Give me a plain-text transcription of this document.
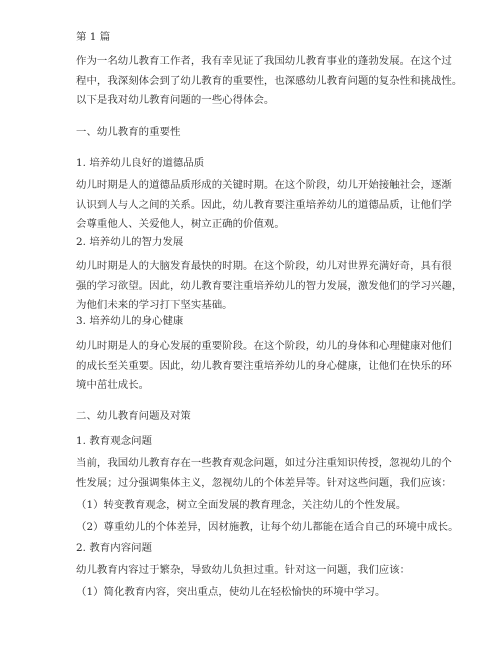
第 1 篇
作为一名幼儿教育工作者，我有幸见证了我国幼儿教育事业的蓬勃发展。在这个过
程中，我深刻体会到了幼儿教育的重要性，也深感幼儿教育问题的复杂性和挑战性。
以下是我对幼儿教育问题的一些心得体会。
一、幼儿教育的重要性
1. 培养幼儿良好的道德品质
幼儿时期是人的道德品质形成的关键时期。在这个阶段，幼儿开始接触社会，逐渐
认识到人与人之间的关系。因此，幼儿教育要注重培养幼儿的道德品质，让他们学
会尊重他人、关爱他人，树立正确的价值观。
2. 培养幼儿的智力发展
幼儿时期是人的大脑发育最快的时期。在这个阶段，幼儿对世界充满好奇，具有很
强的学习欲望。因此，幼儿教育要注重培养幼儿的智力发展，激发他们的学习兴趣，
为他们未来的学习打下坚实基础。
3. 培养幼儿的身心健康
幼儿时期是人的身心发展的重要阶段。在这个阶段，幼儿的身体和心理健康对他们
的成长至关重要。因此，幼儿教育要注重培养幼儿的身心健康，让他们在快乐的环
境中茁壮成长。
二、幼儿教育问题及对策
1. 教育观念问题
当前，我国幼儿教育存在一些教育观念问题，如过分注重知识传授，忽视幼儿的个
性发展；过分强调集体主义，忽视幼儿的个体差异等。针对这些问题，我们应该：
（1）转变教育观念，树立全面发展的教育理念，关注幼儿的个性发展。
（2）尊重幼儿的个体差异，因材施教，让每个幼儿都能在适合自己的环境中成长。
2. 教育内容问题
幼儿教育内容过于繁杂，导致幼儿负担过重。针对这一问题，我们应该：
（1）简化教育内容，突出重点，使幼儿在轻松愉快的环境中学习。
